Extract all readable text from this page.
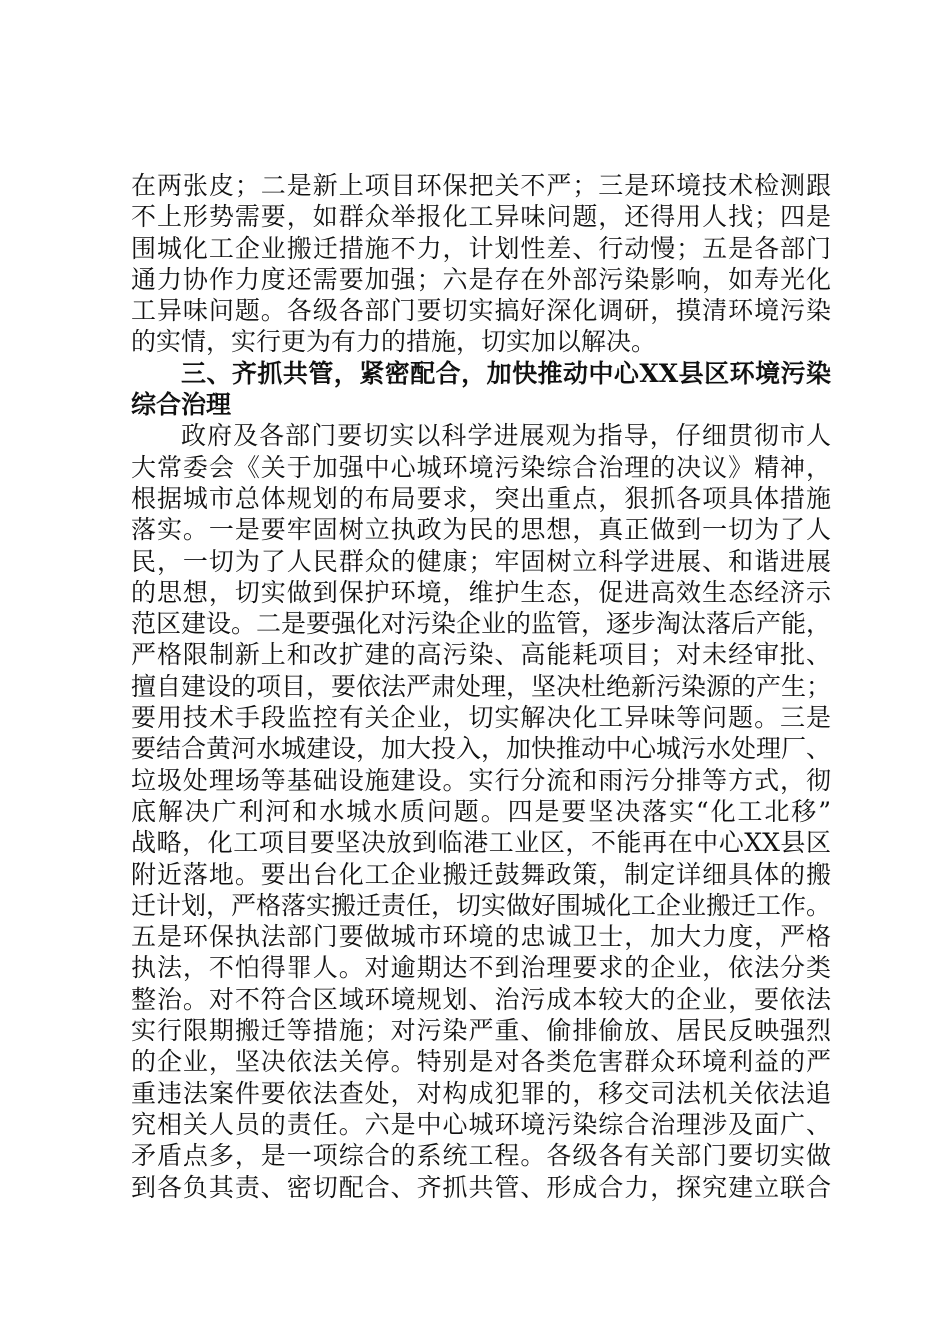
在两张皮；二是新上项目环保把关不严；三是环境技术检测跟
不上形势需要，如群众举报化工异味问题，还得用人找；四是
围城化工企业搬迁措施不力，计划性差、行动慢；五是各部门
通力协作力度还需要加强；六是存在外部污染影响，如寿光化
工异味问题。各级各部门要切实搞好深化调研，摸清环境污染
的实情，实行更为有力的措施，切实加以解决。
三、齐抓共管，紧密配合，加快推动中心XX县区环境污染
综合治理
政府及各部门要切实以科学进展观为指导，仔细贯彻市人
大常委会《关于加强中心城环境污染综合治理的决议》精神，
根据城市总体规划的布局要求，突出重点，狠抓各项具体措施
落实。一是要牢固树立执政为民的思想，真正做到一切为了人
民，一切为了人民群众的健康；牢固树立科学进展、和谐进展
的思想，切实做到保护环境，维护生态，促进高效生态经济示
范区建设。二是要强化对污染企业的监管，逐步淘汰落后产能，
严格限制新上和改扩建的高污染、高能耗项目；对未经审批、
擅自建设的项目，要依法严肃处理，坚决杜绝新污染源的产生；
要用技术手段监控有关企业，切实解决化工异味等问题。三是
要结合黄河水城建设，加大投入，加快推动中心城污水处理厂、
垃圾处理场等基础设施建设。实行分流和雨污分排等方式，彻
底解决广利河和水城水质问题。四是要坚决落实“化工北移”
战略，化工项目要坚决放到临港工业区，不能再在中心XX县区
附近落地。要出台化工企业搬迁鼓舞政策，制定详细具体的搬
迁计划，严格落实搬迁责任，切实做好围城化工企业搬迁工作。
五是环保执法部门要做城市环境的忠诚卫士，加大力度，严格
执法，不怕得罪人。对逾期达不到治理要求的企业，依法分类
整治。对不符合区域环境规划、治污成本较大的企业，要依法
实行限期搬迁等措施；对污染严重、偷排偷放、居民反映强烈
的企业，坚决依法关停。特别是对各类危害群众环境利益的严
重违法案件要依法查处，对构成犯罪的，移交司法机关依法追
究相关人员的责任。六是中心城环境污染综合治理涉及面广、
矛盾点多，是一项综合的系统工程。各级各有关部门要切实做
到各负其责、密切配合、齐抓共管、形成合力，探究建立联合
